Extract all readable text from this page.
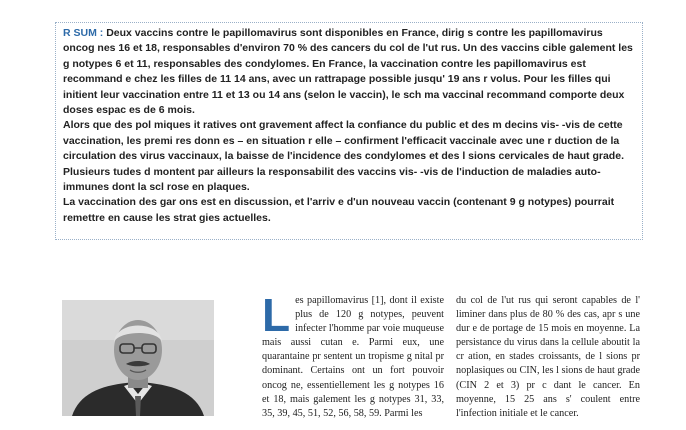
R SUM : Deux vaccins contre le papillomavirus sont disponibles en France, dirig s contre les papillomavirus oncog nes 16 et 18, responsables d'environ 70 % des cancers du col de l'ut rus. Un des vaccins cible galement les g notypes 6 et 11, responsables des condylomes. En France, la vaccination contre les papillomavirus est recommand e chez les filles de 11 14 ans, avec un rattrapage possible jusqu' 19 ans r volus. Pour les filles qui initient leur vaccination entre 11 et 13 ou 14 ans (selon le vaccin), le sch ma vaccinal recommand comporte deux doses espac es de 6 mois.

Alors que des pol miques it ratives ont gravement affect la confiance du public et des m decins vis- -vis de cette vaccination, les premi res donn es – en situation r elle – confirment l'efficacit vaccinale avec une r duction de la circulation des virus vaccinaux, la baisse de l'incidence des condylomes et des l sions cervicales de haut grade. Plusieurs tudes d montent par ailleurs la responsabilit des vaccins vis- -vis de l'induction de maladies auto-immunes dont la scl rose en plaques.

La vaccination des gar ons est en discussion, et l'arriv e d'un nouveau vaccin (contenant 9 g notypes) pourrait remettre en cause les strat gies actuelles.

Les papillomavirus [1], dont il existe plus de 120 g notypes, peuvent infecter l'homme par voie muqueuse mais aussi cutan e. Parmi eux, une quarantaine pr sentent un tropisme g nital pr dominant. Certains ont un fort pouvoir oncog ne, essentiellement les g notypes 16 et 18, mais galement les g notypes 31, 33, 35, 39, 45, 51, 52, 56, 58, 59. Parmi les

du col de l'ut rus qui seront capables de l' liminer dans plus de 80 % des cas, apr s une dur e de portage de 15 mois en moyenne. La persistance du virus dans la cellule aboutit la cr ation, en stades croissants, de l sions pr noplasiques ou CIN, les l sions de haut grade (CIN 2 et 3) pr c dant le cancer. En moyenne, 15 25 ans s' coulent entre l'infection initiale et le cancer.
